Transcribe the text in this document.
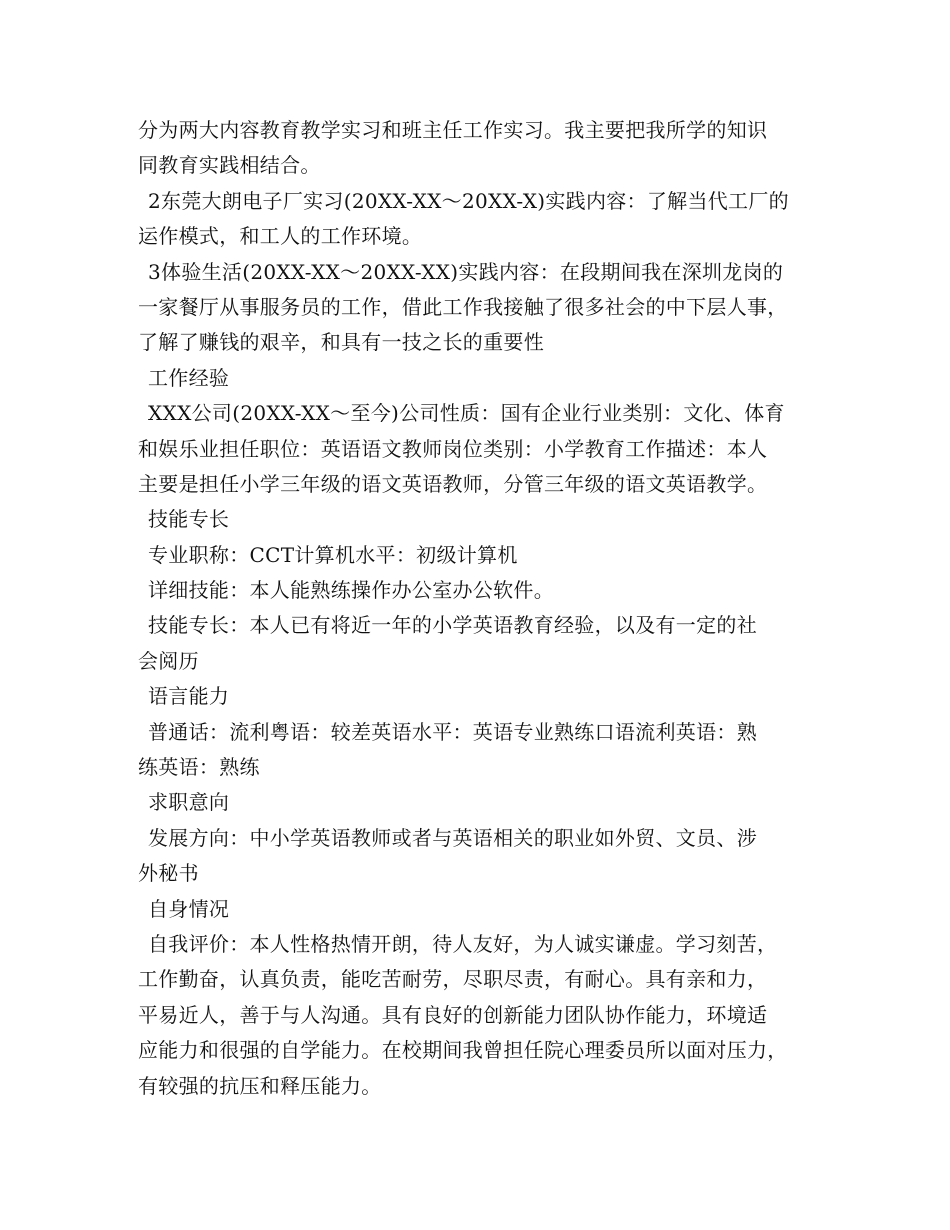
分为两大内容教育教学实习和班主任工作实习。我主要把我所学的知识
同教育实践相结合。
2东莞大朗电子厂实习(20XX-XX～20XX-X)实践内容：了解当代工厂的
运作模式，和工人的工作环境。
3体验生活(20XX-XX～20XX-XX)实践内容：在段期间我在深圳龙岗的
一家餐厅从事服务员的工作，借此工作我接触了很多社会的中下层人事，
了解了赚钱的艰辛，和具有一技之长的重要性
工作经验
XXX公司(20XX-XX～至今)公司性质：国有企业行业类别：文化、体育
和娱乐业担任职位：英语语文教师岗位类别：小学教育工作描述：本人
主要是担任小学三年级的语文英语教师，分管三年级的语文英语教学。
技能专长
专业职称：CCT计算机水平：初级计算机
详细技能：本人能熟练操作办公室办公软件。
技能专长：本人已有将近一年的小学英语教育经验，以及有一定的社
会阅历
语言能力
普通话：流利粤语：较差英语水平：英语专业熟练口语流利英语：熟
练英语：熟练
求职意向
发展方向：中小学英语教师或者与英语相关的职业如外贸、文员、涉
外秘书
自身情况
自我评价：本人性格热情开朗，待人友好，为人诚实谦虚。学习刻苦，
工作勤奋，认真负责，能吃苦耐劳，尽职尽责，有耐心。具有亲和力，
平易近人，善于与人沟通。具有良好的创新能力团队协作能力，环境适
应能力和很强的自学能力。在校期间我曾担任院心理委员所以面对压力，
有较强的抗压和释压能力。
